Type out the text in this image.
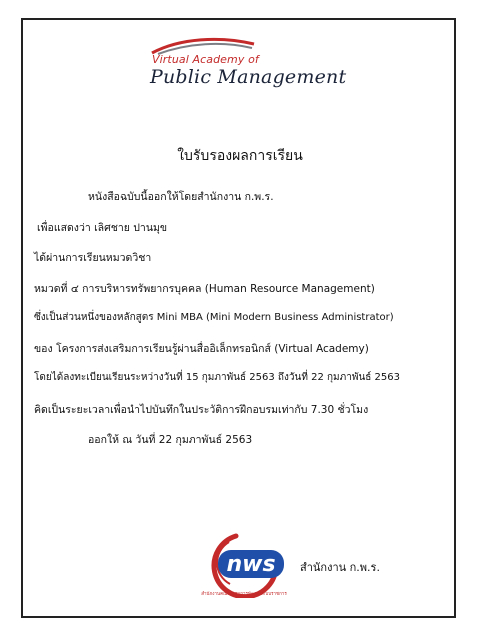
Virtual Academy of
Public Management
ใบรับรองผลการเรียน
หนังสือฉบับนี้ออกให้โดยสำนักงาน ก.พ.ร.
เพื่อแสดงว่า เลิศชาย ปานมุข
ได้ผ่านการเรียนหมวดวิชา
หมวดที่ ๔ การบริหารทรัพยากรบุคคล (Human Resource Management)
ซึ่งเป็นส่วนหนึ่งของหลักสูตร Mini MBA (Mini Modern Business Administrator)
ของ โครงการส่งเสริมการเรียนรู้ผ่านสื่ออิเล็กทรอนิกส์ (Virtual Academy)
โดยได้ลงทะเบียนเรียนระหว่างวันที่ 15 กุมภาพันธ์ 2563 ถึงวันที่ 22 กุมภาพันธ์ 2563
คิดเป็นระยะเวลาเพื่อนำไปบันทึกในประวัติการฝึกอบรมเท่ากับ 7.30 ชั่วโมง
ออกให้ ณ วันที่ 22 กุมภาพันธ์ 2563
nws
สำนักงานคณะกรรมการพัฒนาระบบราชการ
สำนักงาน ก.พ.ร.
